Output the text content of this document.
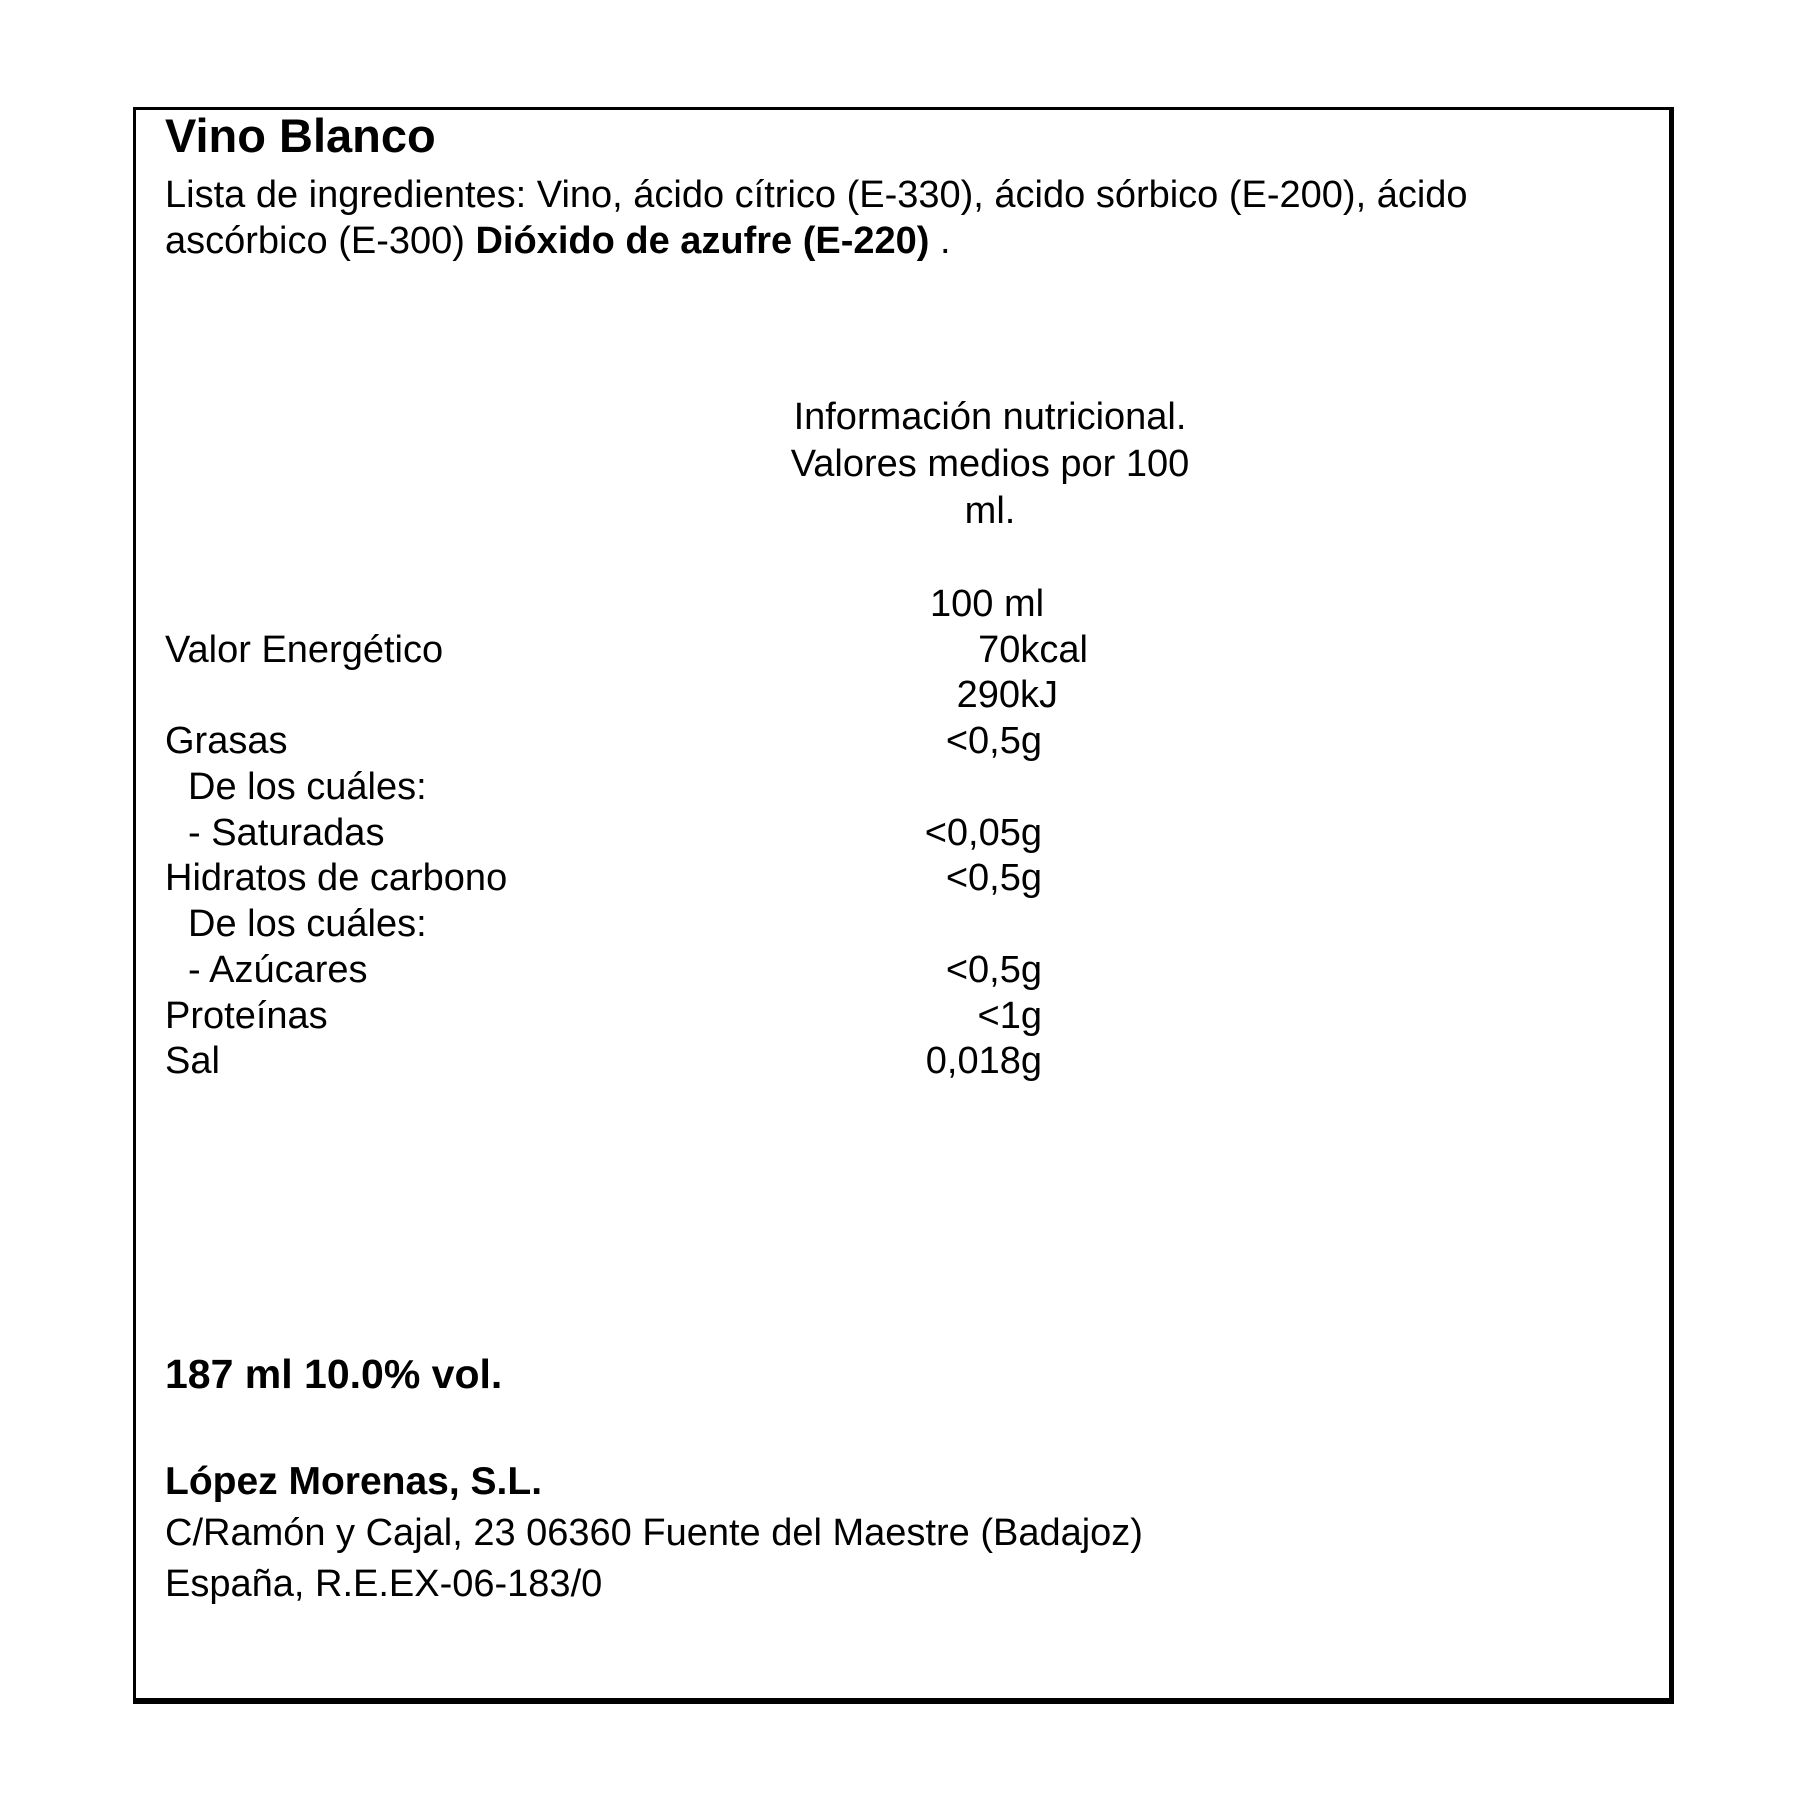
Vino Blanco
Lista de ingredientes: Vino, ácido cítrico (E-330), ácido sórbico (E-200), ácido
ascórbico (E-300) Dióxido de azufre (E-220) .
Información nutricional.
Valores medios por 100
ml.
100 ml
Valor Energético	70kcal
290kJ
Grasas	<0,5g
De los cuáles:
- Saturadas	<0,05g
Hidratos de carbono	<0,5g
De los cuáles:
- Azúcares	<0,5g
Proteínas	<1g
Sal	0,018g
187 ml 10.0% vol.
López Morenas, S.L.
C/Ramón y Cajal, 23 06360 Fuente del Maestre (Badajoz)
España, R.E.EX-06-183/0
